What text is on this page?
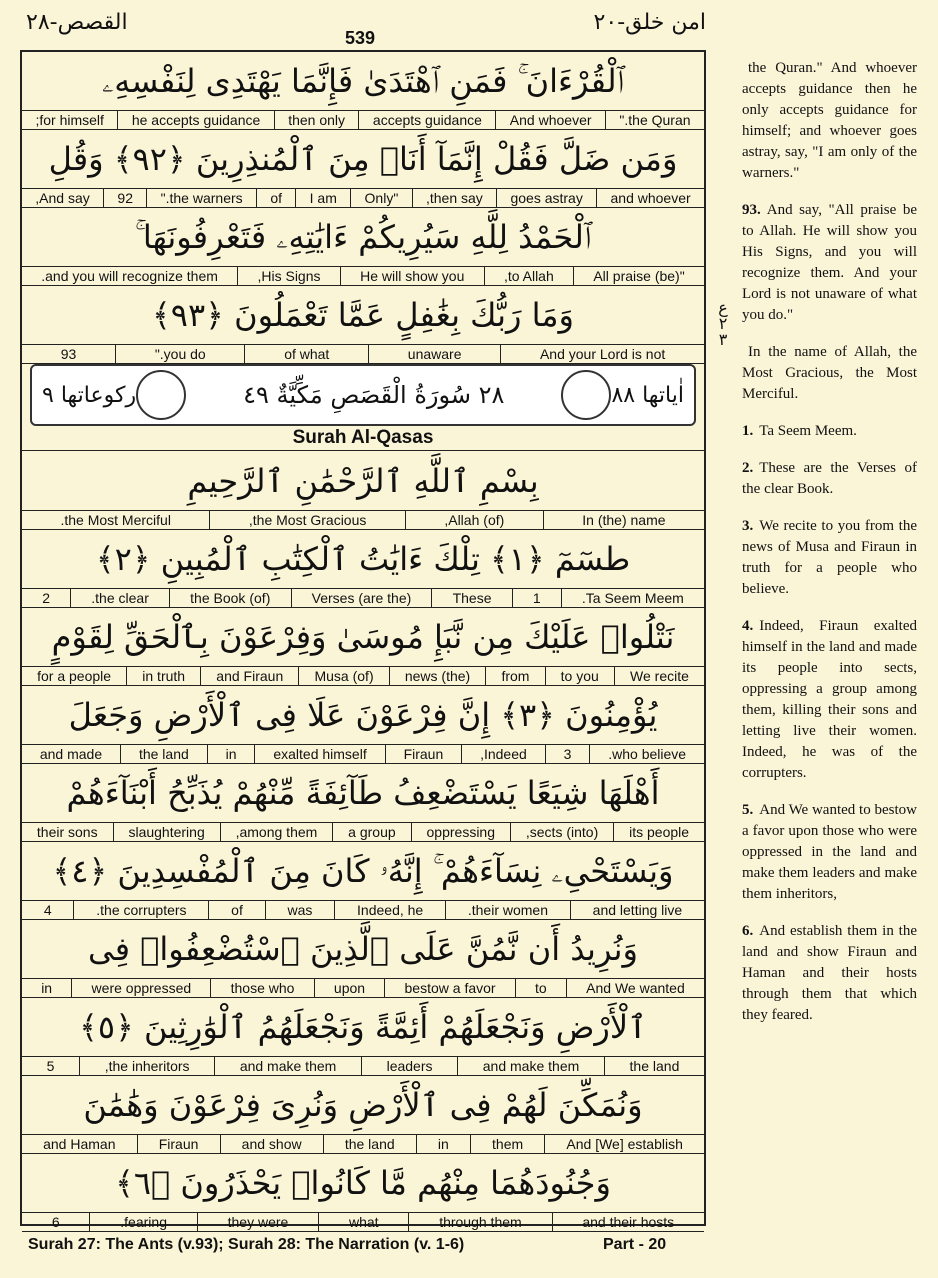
القصص-٢٨
539
امن خلق-٢٠
اٰیاتها ٨٨
٢٨ سُورَةُ الْقَصَصِ مَكِّيَّةٌ ٤٩
رکوعاتها ٩
Surah Al-Qasas
ٱلْقُرْءَانَ ۚ فَمَنِ ٱهْتَدَىٰ فَإِنَّمَا يَهْتَدِى لِنَفْسِهِۦ
the Quran."
And whoever
accepts guidance
then only
he accepts guidance
for himself;
وَمَن ضَلَّ فَقُلْ إِنَّمَآ أَنَا۠ مِنَ ٱلْمُنذِرِينَ ﴿٩٢﴾ وَقُلِ
and whoever
goes astray
then say,
"Only
I am
of
the warners."
92
And say,
ٱلْحَمْدُ لِلَّهِ سَيُرِيكُمْ ءَايَٰتِهِۦ فَتَعْرِفُونَهَا ۚ
"All praise (be)
to Allah,
He will show you
His Signs,
and you will recognize them.
وَمَا رَبُّكَ بِغَٰفِلٍ عَمَّا تَعْمَلُونَ ﴿٩٣﴾
And your Lord is not
unaware
of what
you do."
93
بِسْمِ ٱللَّهِ ٱلرَّحْمَٰنِ ٱلرَّحِيمِ
In (the) name
(of) Allah,
the Most Gracious,
the Most Merciful.
طسٓمٓ ﴿١﴾ تِلْكَ ءَايَٰتُ ٱلْكِتَٰبِ ٱلْمُبِينِ ﴿٢﴾
Ta Seem Meem.
1
These
(are the) Verses
(of) the Book
the clear.
2
نَتْلُوا۟ عَلَيْكَ مِن نَّبَإِ مُوسَىٰ وَفِرْعَوْنَ بِٱلْحَقِّ لِقَوْمٍ
We recite
to you
from
(the) news
(of) Musa
and Firaun
in truth
for a people
يُؤْمِنُونَ ﴿٣﴾ إِنَّ فِرْعَوْنَ عَلَا فِى ٱلْأَرْضِ وَجَعَلَ
who believe.
3
Indeed,
Firaun
exalted himself
in
the land
and made
أَهْلَهَا شِيَعًا يَسْتَضْعِفُ طَآئِفَةً مِّنْهُمْ يُذَبِّحُ أَبْنَآءَهُمْ
its people
(into) sects,
oppressing
a group
among them,
slaughtering
their sons
وَيَسْتَحْىِۦ نِسَآءَهُمْ ۚ إِنَّهُۥ كَانَ مِنَ ٱلْمُفْسِدِينَ ﴿٤﴾
and letting live
their women.
Indeed, he
was
of
the corrupters.
4
وَنُرِيدُ أَن نَّمُنَّ عَلَى ٱلَّذِينَ ٱسْتُضْعِفُوا۟ فِى
And We wanted
to
bestow a favor
upon
those who
were oppressed
in
ٱلْأَرْضِ وَنَجْعَلَهُمْ أَئِمَّةً وَنَجْعَلَهُمُ ٱلْوَٰرِثِينَ ﴿٥﴾
the land
and make them
leaders
and make them
the inheritors,
5
وَنُمَكِّنَ لَهُمْ فِى ٱلْأَرْضِ وَنُرِىَ فِرْعَوْنَ وَهَٰمَٰنَ
And [We] establish
them
in
the land
and show
Firaun
and Haman
وَجُنُودَهُمَا مِنْهُم مَّا كَانُوا۟ يَحْذَرُونَ ﴿٦﴾
and their hosts
through them
what
they were
fearing.
6
ع ٢ ٣

the Quran." And whoever accepts guidance then he only accepts guidance for himself; and whoever goes astray, say, "I am only of the warners."

93. And say, "All praise be to Allah. He will show you His Signs, and you will recognize them. And your Lord is not unaware of what you do."

In the name of Allah, the Most Gracious, the Most Merciful.

1. Ta Seem Meem.

2. These are the Verses of the clear Book.

3. We recite to you from the news of Musa and Firaun in truth for a people who believe.

4. Indeed, Firaun exalted himself in the land and made its people into sects, oppressing a group among them, killing their sons and letting live their women. Indeed, he was of the corrupters.

5. And We wanted to bestow a favor upon those who were oppressed in the land and make them leaders and make them inheritors,

6. And establish them in the land and show Firaun and Haman and their hosts through them that which they feared.

Surah 27: The Ants (v.93); Surah 28: The Narration (v. 1-6)	Part - 20
